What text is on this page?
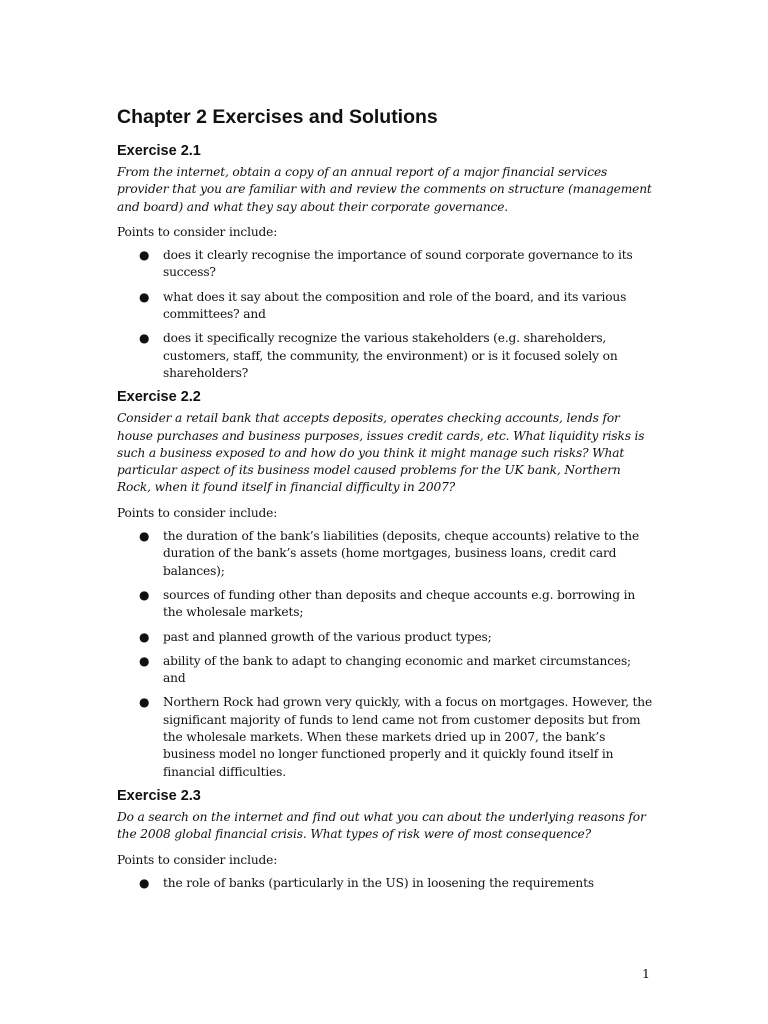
Chapter 2 Exercises and Solutions
Exercise 2.1

From the internet, obtain a copy of an annual report of a major financial services provider that you are familiar with and review the comments on structure (management and board) and what they say about their corporate governance.

Points to consider include:

● does it clearly recognise the importance of sound corporate governance to its success?
● what does it say about the composition and role of the board, and its various committees? and
● does it specifically recognize the various stakeholders (e.g. shareholders, customers, staff, the community, the environment) or is it focused solely on shareholders?
Exercise 2.2

Consider a retail bank that accepts deposits, operates checking accounts, lends for house purchases and business purposes, issues credit cards, etc. What liquidity risks is such a business exposed to and how do you think it might manage such risks? What particular aspect of its business model caused problems for the UK bank, Northern Rock, when it found itself in financial difficulty in 2007?

Points to consider include:

● the duration of the bank’s liabilities (deposits, cheque accounts) relative to the duration of the bank’s assets (home mortgages, business loans, credit card balances);
● sources of funding other than deposits and cheque accounts e.g. borrowing in the wholesale markets;
● past and planned growth of the various product types;
● ability of the bank to adapt to changing economic and market circumstances; and
● Northern Rock had grown very quickly, with a focus on mortgages. However, the significant majority of funds to lend came not from customer deposits but from the wholesale markets. When these markets dried up in 2007, the bank’s business model no longer functioned properly and it quickly found itself in financial difficulties.
Exercise 2.3

Do a search on the internet and find out what you can about the underlying reasons for the 2008 global financial crisis. What types of risk were of most consequence?

Points to consider include:

● the role of banks (particularly in the US) in loosening the requirements
1
